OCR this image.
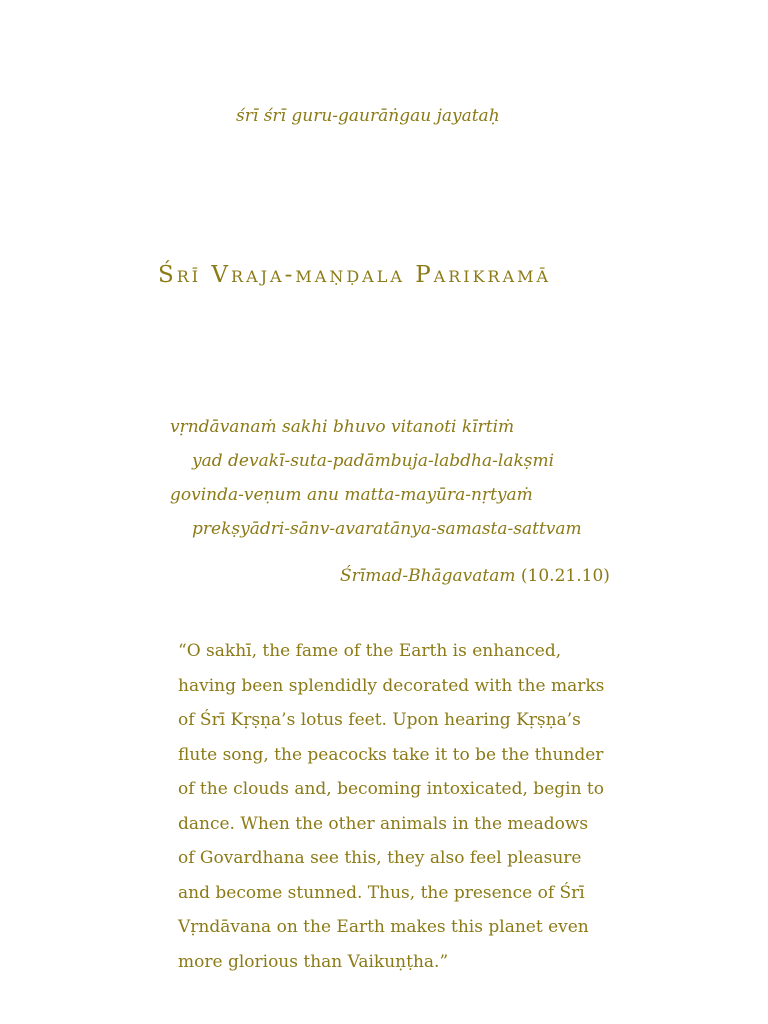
śrī śrī guru-gaurāṅgau jayataḥ
Śrī Vraja-maṇḍala Parikramā
vṛndāvanaṁ sakhi bhuvo vitanoti kīrtiṁ
yad devakī-suta-padāmbuja-labdha-lakṣmi
govinda-veṇum anu matta-mayūra-nṛtyaṁ
prekṣyādri-sānv-avaratānya-samasta-sattvam
Śrīmad-Bhāgavatam (10.21.10)
“O sakhī, the fame of the Earth is enhanced,
having been splendidly decorated with the marks
of Śrī Kṛṣṇa’s lotus feet. Upon hearing Kṛṣṇa’s
flute song, the peacocks take it to be the thunder
of the clouds and, becoming intoxicated, begin to
dance. When the other animals in the meadows
of Govardhana see this, they also feel pleasure
and become stunned. Thus, the presence of Śrī
Vṛndāvana on the Earth makes this planet even
more glorious than Vaikuṇṭha.”
